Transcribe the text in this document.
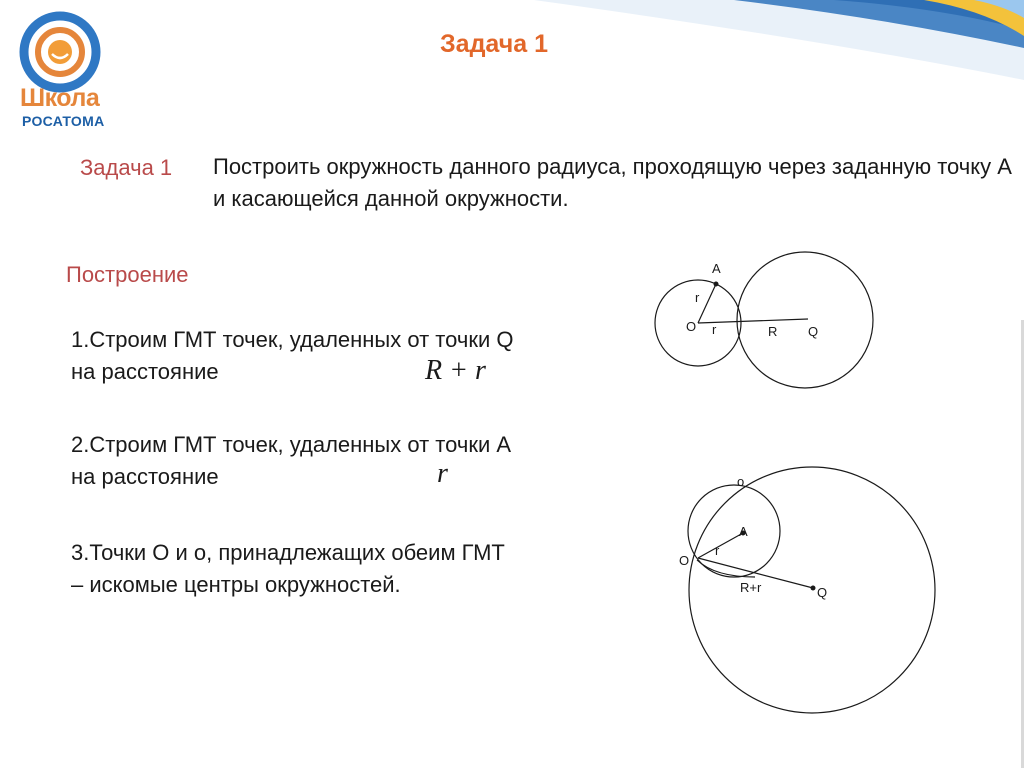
Школа
РОСАТОМА
Задача 1
Задача 1 Построить окружность данного радиуса, проходящую через заданную точку А и касающейся данной окружности.
Построение
1.Строим ГМТ точек, удаленных от точки Q на расстояние	R + r
2.Строим ГМТ точек, удаленных от точки А на расстояние	r
3.Точки О и о, принадлежащих обеим ГМТ – искомые центры окружностей.
A
r
O r	R Q
o
A
O
r
R+r	Q
